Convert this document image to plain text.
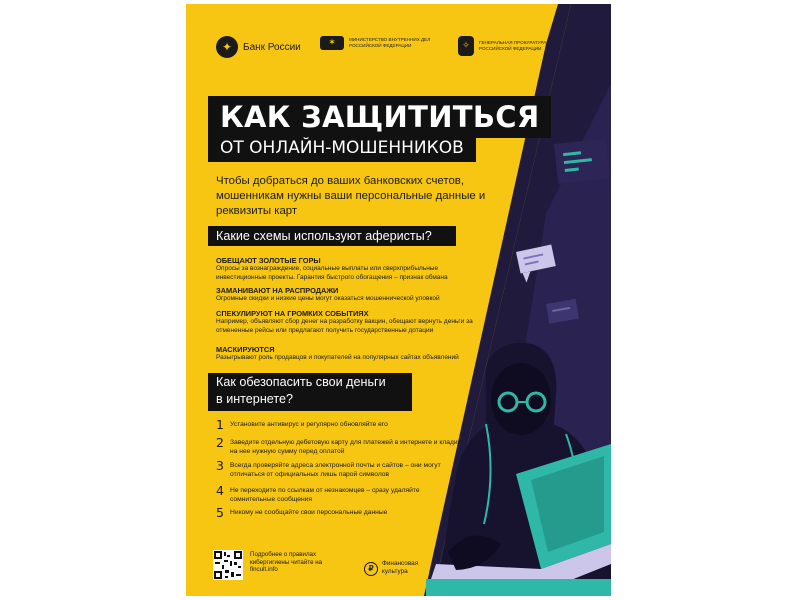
✦	Банк России	✶	МИНИСТЕРСТВО ВНУТРЕННИХ ДЕЛ РОССИЙСКОЙ ФЕДЕРАЦИИ	✧	ГЕНЕРАЛЬНАЯ ПРОКУРАТУРА РОССИЙСКОЙ ФЕДЕРАЦИИ
КАК ЗАЩИТИТЬСЯ
ОТ ОНЛАЙН-МОШЕННИКОВ
Чтобы добраться до ваших банковских счетов, мошенникам нужны ваши персональные данные и реквизиты карт
Какие схемы используют аферисты?
ОБЕЩАЮТ ЗОЛОТЫЕ ГОРЫ
Опросы за вознаграждение, социальные выплаты или сверхприбыльные инвестиционные проекты. Гарантия быстрого обогащения – признак обмана
ЗАМАНИВАЮТ НА РАСПРОДАЖИ
Огромные скидки и низкие цены могут оказаться мошеннической уловкой
СПЕКУЛИРУЮТ НА ГРОМКИХ СОБЫТИЯХ
Например, объявляют сбор денег на разработку вакцин, обещают вернуть деньги за отмененные рейсы или предлагают получить государственные дотации
МАСКИРУЮТСЯ
Разыгрывают роль продавцов и покупателей на популярных сайтах объявлений
Как обезопасить свои деньги
в интернете?
1 Установите антивирус и регулярно обновляйте его
2 Заведите отдельную дебетовую карту для платежей в интернете и кладите на нее нужную сумму перед оплатой
3 Всегда проверяйте адреса электронной почты и сайтов – они могут отличаться от официальных лишь парой символов
4 Не переходите по ссылкам от незнакомцев – сразу удаляйте сомнительные сообщения
5 Никому не сообщайте свои персональные данные
Подробнее о правилах кибергигиены читайте на fincult.info	₽
Финансовая культура
